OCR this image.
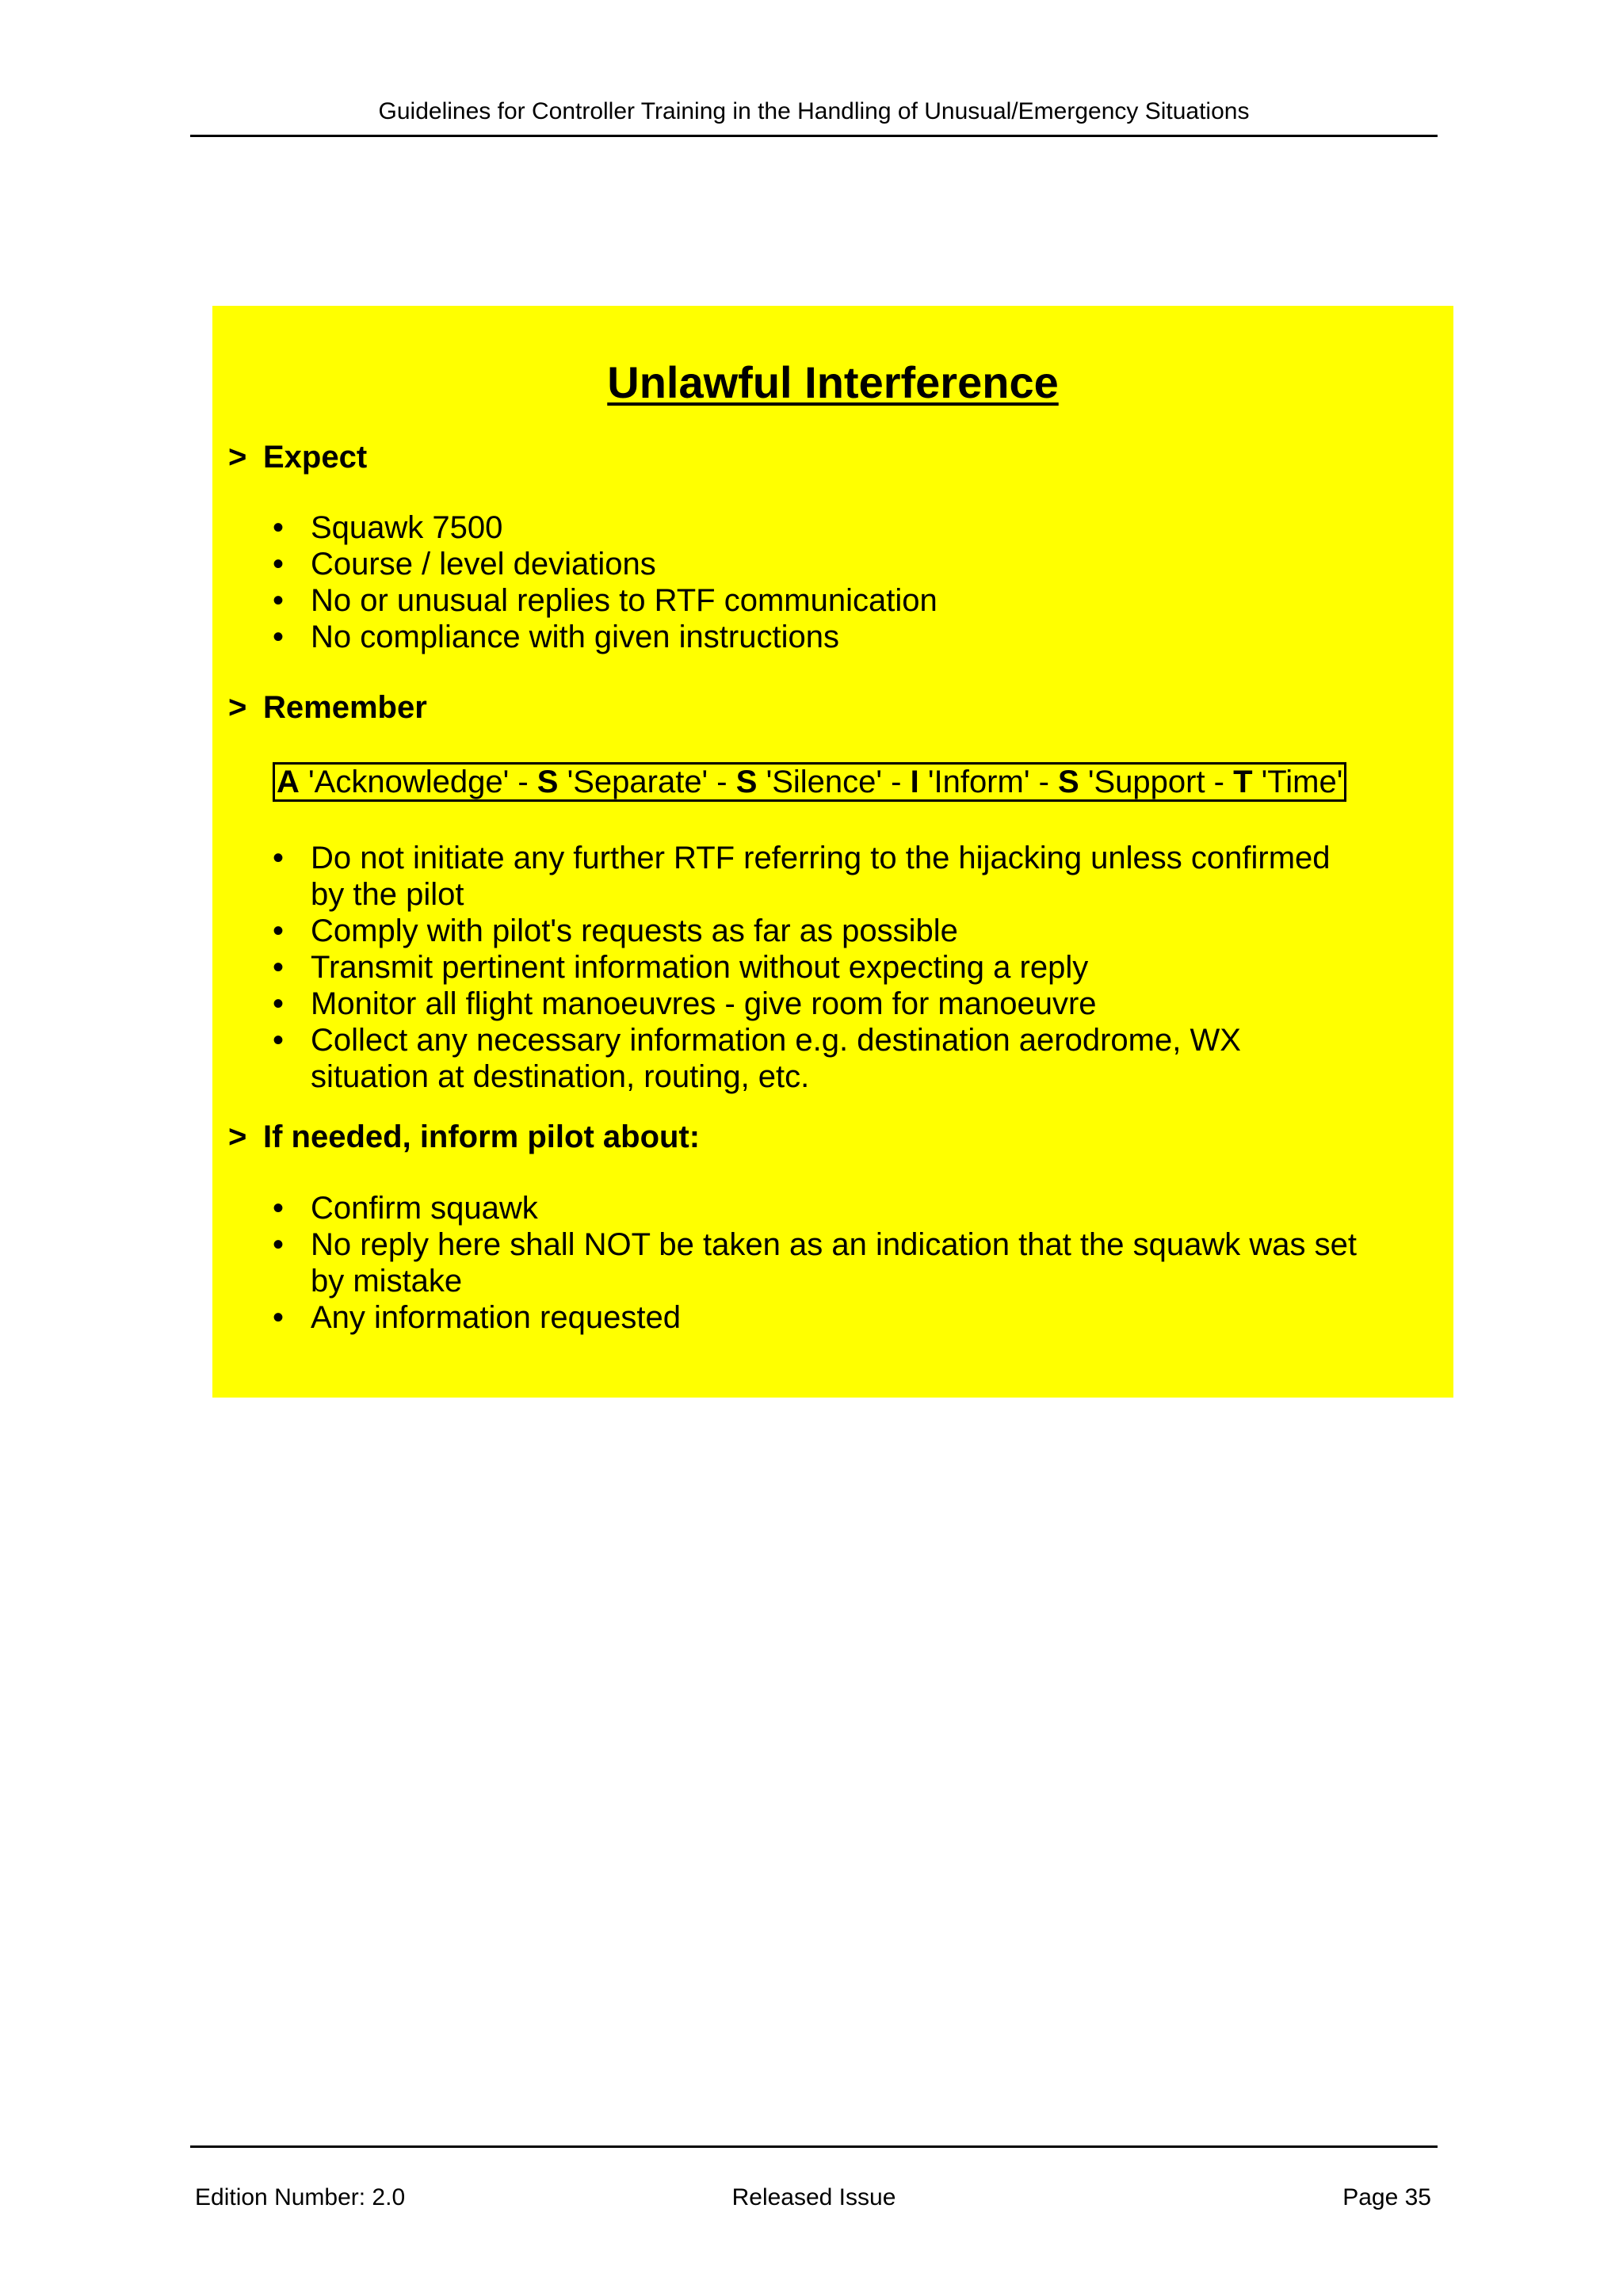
Guidelines for Controller Training in the Handling of Unusual/Emergency Situations
Unlawful Interference
> Expect
• Squawk 7500
• Course / level deviations
• No or unusual replies to RTF communication
• No compliance with given instructions
> Remember
A 'Acknowledge' - S 'Separate' - S 'Silence' - I 'Inform' - S 'Support - T 'Time'
• Do not initiate any further RTF referring to the hijacking unless confirmed by the pilot
• Comply with pilot's requests as far as possible
• Transmit pertinent information without expecting a reply
• Monitor all flight manoeuvres - give room for manoeuvre
• Collect any necessary information e.g. destination aerodrome, WX situation at destination, routing, etc.
> If needed, inform pilot about:
• Confirm squawk
• No reply here shall NOT be taken as an indication that the squawk was set by mistake
• Any information requested
Edition Number: 2.0	Released Issue	Page 35
